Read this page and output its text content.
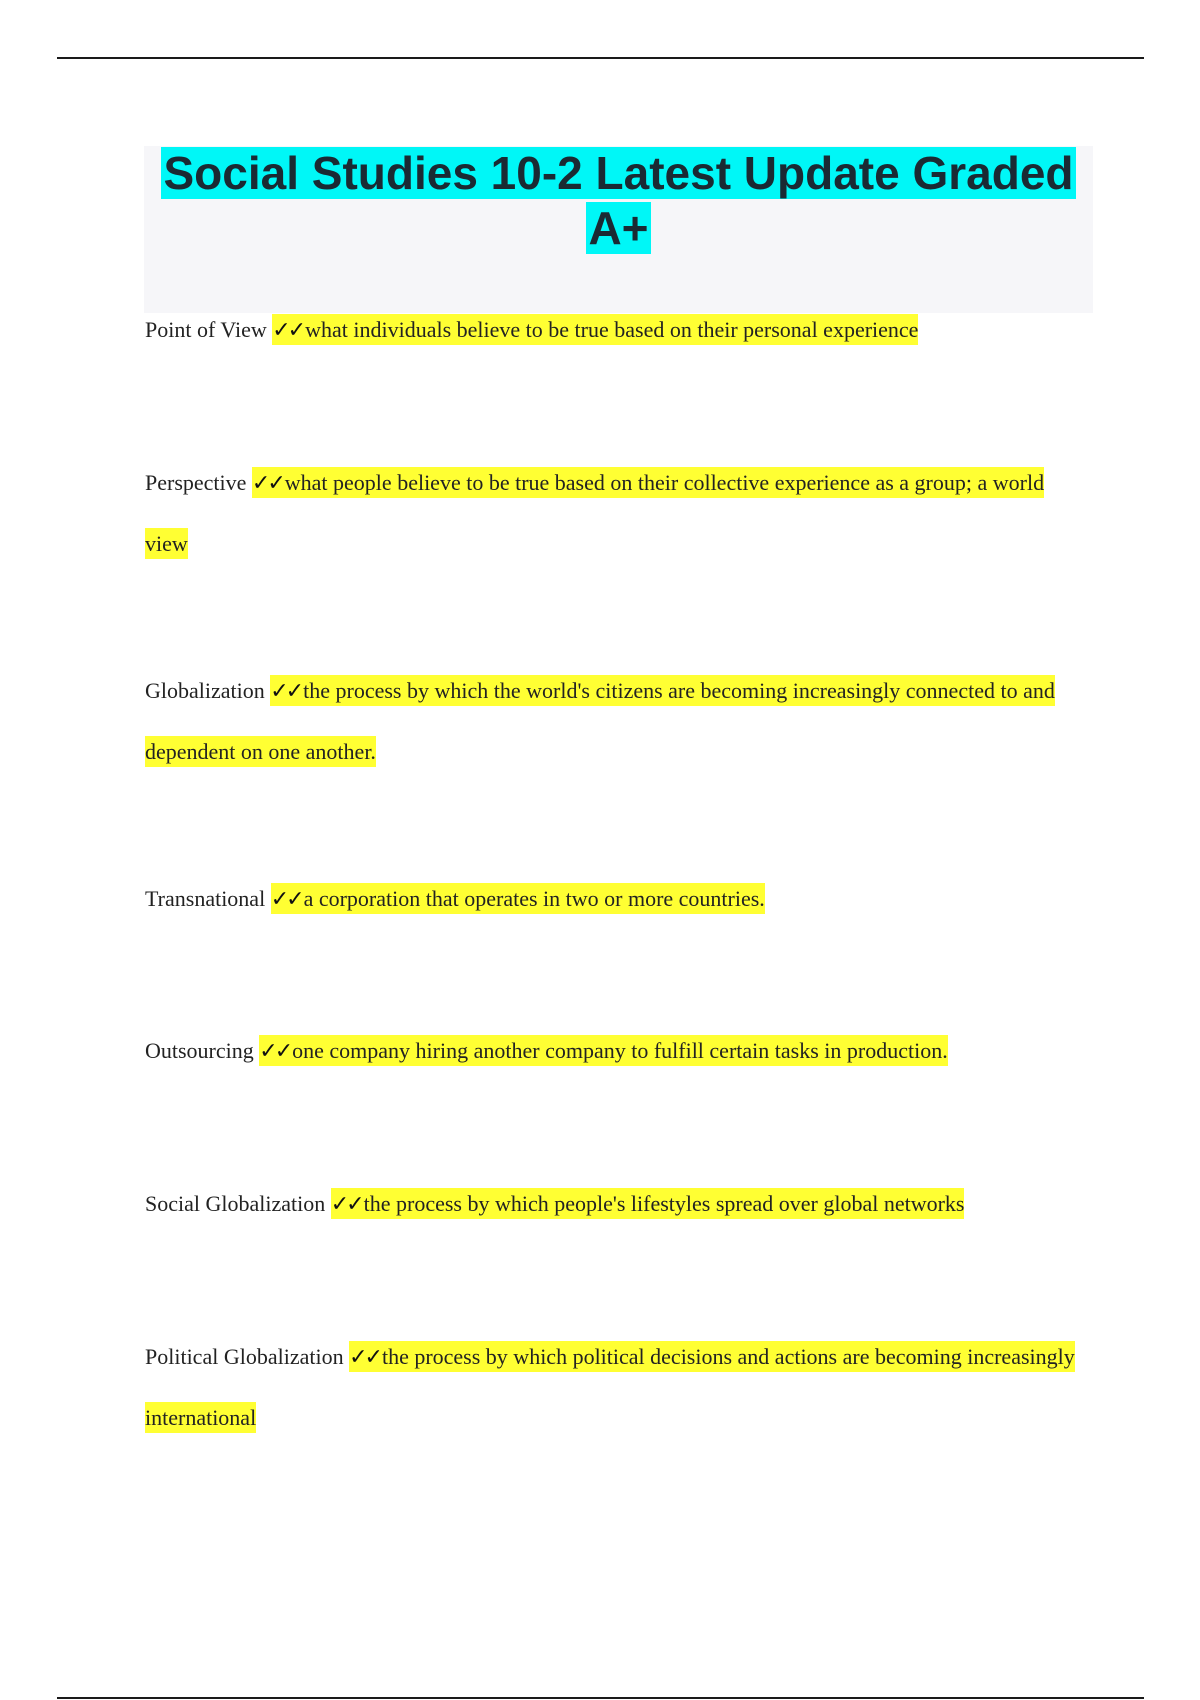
Social Studies 10-2 Latest Update Graded A+

Point of View ✓✓what individuals believe to be true based on their personal experience

Perspective ✓✓what people believe to be true based on their collective experience as a group; a world view

Globalization ✓✓the process by which the world's citizens are becoming increasingly connected to and dependent on one another.

Transnational ✓✓a corporation that operates in two or more countries.

Outsourcing ✓✓one company hiring another company to fulfill certain tasks in production.

Social Globalization ✓✓the process by which people's lifestyles spread over global networks

Political Globalization ✓✓the process by which political decisions and actions are becoming increasingly international
